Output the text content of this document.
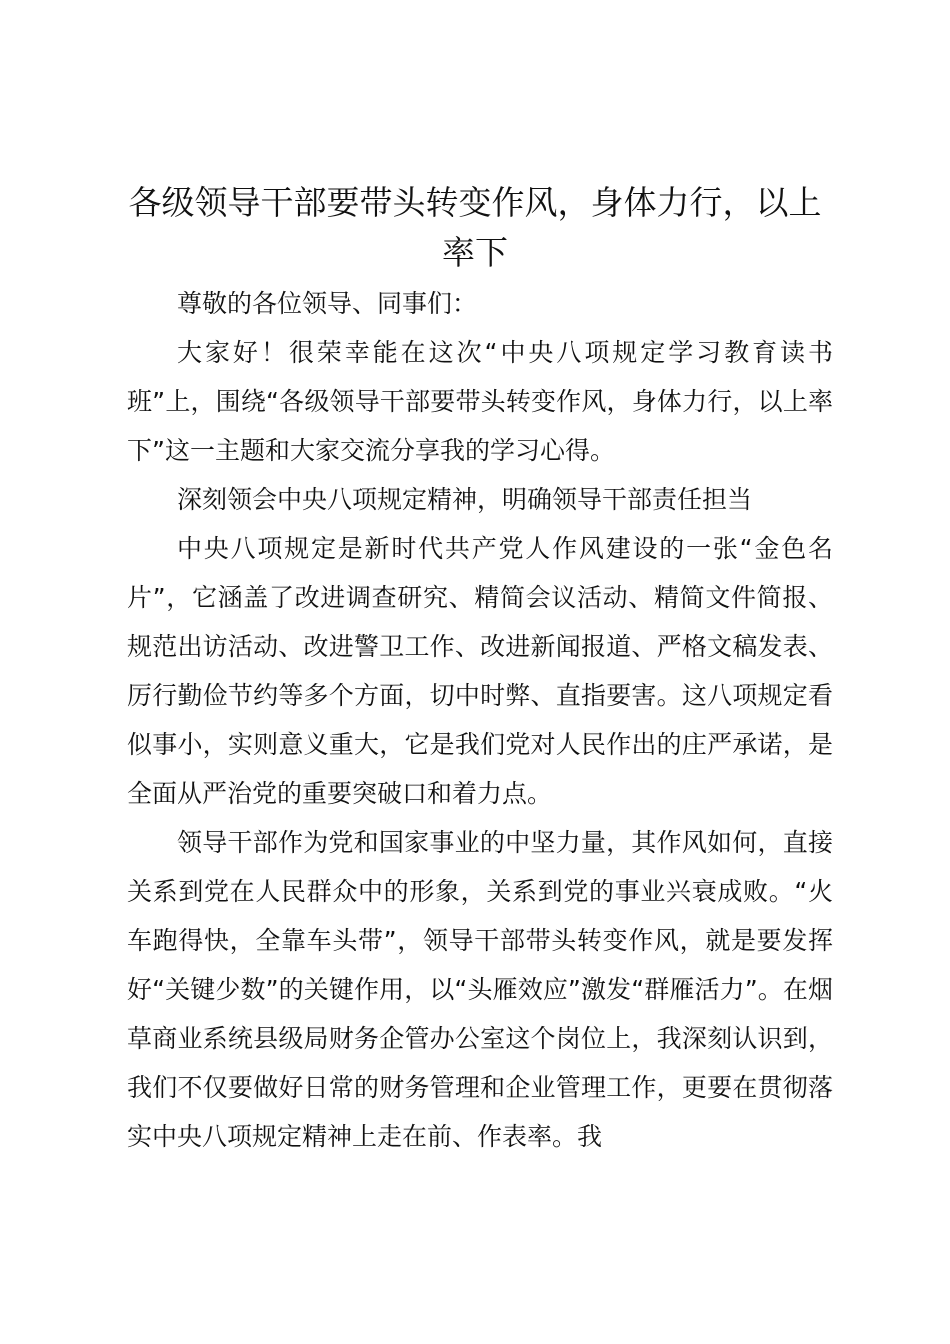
各级领导干部要带头转变作风，身体力行，以上率下

尊敬的各位领导、同事们：

大家好！很荣幸能在这次“中央八项规定学习教育读书班”上，围绕“各级领导干部要带头转变作风，身体力行，以上率下”这一主题和大家交流分享我的学习心得。

深刻领会中央八项规定精神，明确领导干部责任担当

中央八项规定是新时代共产党人作风建设的一张“金色名片”，它涵盖了改进调查研究、精简会议活动、精简文件简报、规范出访活动、改进警卫工作、改进新闻报道、严格文稿发表、厉行勤俭节约等多个方面，切中时弊、直指要害。这八项规定看似事小，实则意义重大，它是我们党对人民作出的庄严承诺，是全面从严治党的重要突破口和着力点。

领导干部作为党和国家事业的中坚力量，其作风如何，直接关系到党在人民群众中的形象，关系到党的事业兴衰成败。“火车跑得快，全靠车头带”，领导干部带头转变作风，就是要发挥好“关键少数”的关键作用，以“头雁效应”激发“群雁活力”。在烟草商业系统县级局财务企管办公室这个岗位上，我深刻认识到，我们不仅要做好日常的财务管理和企业管理工作，更要在贯彻落实中央八项规定精神上走在前、作表率。我
